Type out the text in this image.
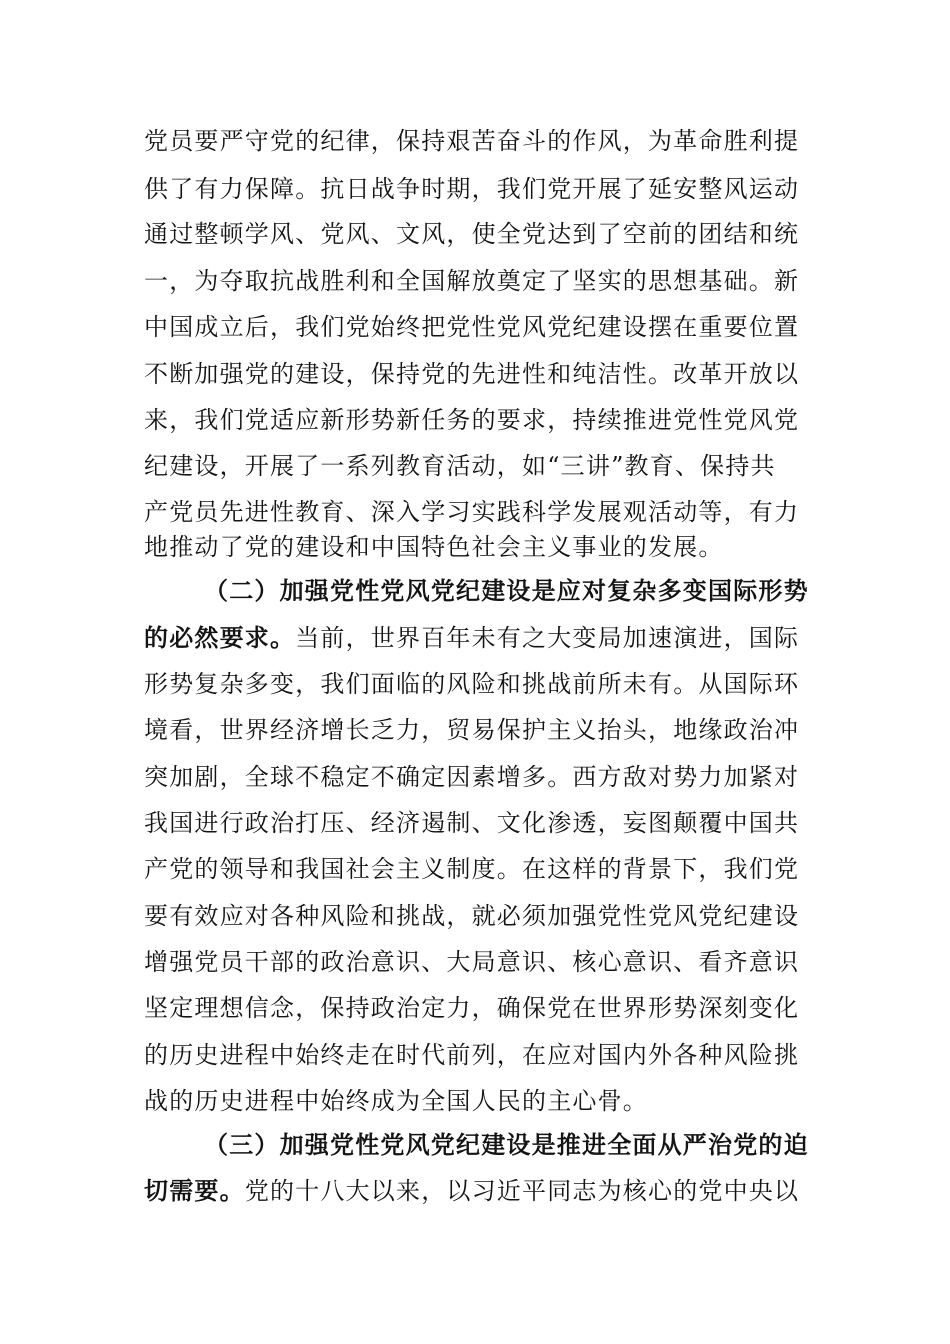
党员要严守党的纪律，保持艰苦奋斗的作风，为革命胜利提
供了有力保障。抗日战争时期，我们党开展了延安整风运动
通过整顿学风、党风、文风，使全党达到了空前的团结和统
一，为夺取抗战胜利和全国解放奠定了坚实的思想基础。新
中国成立后，我们党始终把党性党风党纪建设摆在重要位置
不断加强党的建设，保持党的先进性和纯洁性。改革开放以
来，我们党适应新形势新任务的要求，持续推进党性党风党
纪建设，开展了一系列教育活动，如“三讲”教育、保持共
产党员先进性教育、深入学习实践科学发展观活动等，有力
地推动了党的建设和中国特色社会主义事业的发展。
（二）加强党性党风党纪建设是应对复杂多变国际形势
的必然要求。当前，世界百年未有之大变局加速演进，国际
形势复杂多变，我们面临的风险和挑战前所未有。从国际环
境看，世界经济增长乏力，贸易保护主义抬头，地缘政治冲
突加剧，全球不稳定不确定因素增多。西方敌对势力加紧对
我国进行政治打压、经济遏制、文化渗透，妄图颠覆中国共
产党的领导和我国社会主义制度。在这样的背景下，我们党
要有效应对各种风险和挑战，就必须加强党性党风党纪建设
增强党员干部的政治意识、大局意识、核心意识、看齐意识
坚定理想信念，保持政治定力，确保党在世界形势深刻变化
的历史进程中始终走在时代前列，在应对国内外各种风险挑
战的历史进程中始终成为全国人民的主心骨。
（三）加强党性党风党纪建设是推进全面从严治党的迫
切需要。党的十八大以来，以习近平同志为核心的党中央以
